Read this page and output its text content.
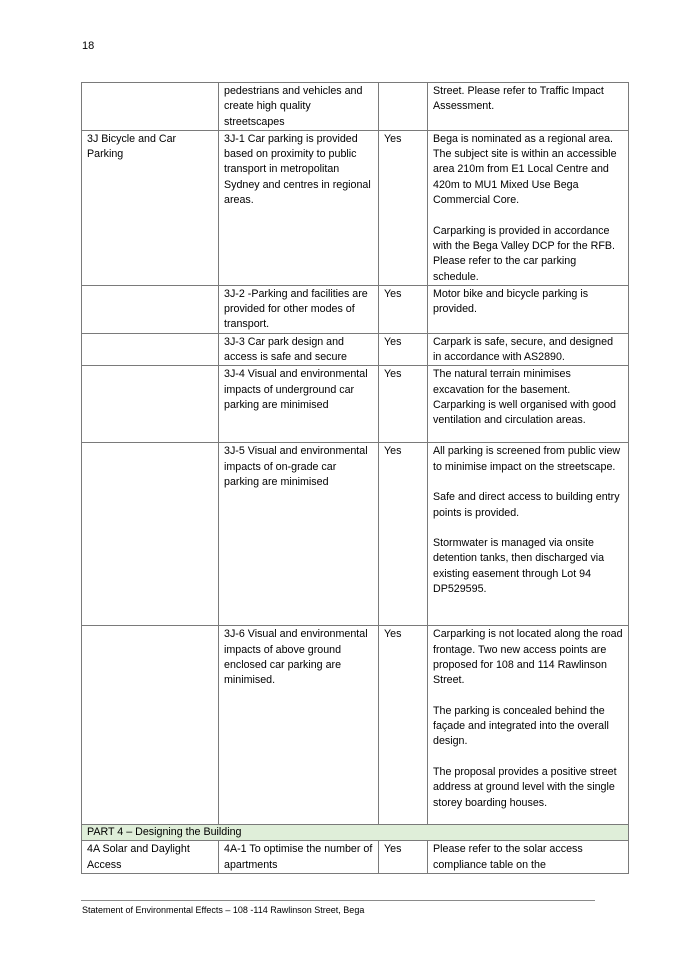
18
	pedestrians and vehicles and create high quality streetscapes		Street. Please refer to Traffic Impact Assessment.

3J Bicycle and Car Parking	3J-1 Car parking is provided based on proximity to public transport in metropolitan Sydney and centres in regional areas.	Yes	Bega is nominated as a regional area. The subject site is within an accessible area 210m from E1 Local Centre and 420m to MU1 Mixed Use Bega Commercial Core.
Carparking is provided in accordance with the Bega Valley DCP for the RFB. Please refer to the car parking schedule.

	3J-2 -Parking and facilities are provided for other modes of transport.	Yes	Motor bike and bicycle parking is provided.

	3J-3 Car park design and access is safe and secure	Yes	Carpark is safe, secure, and designed in accordance with AS2890.

	3J-4 Visual and environmental impacts of underground car parking are minimised	Yes	The natural terrain minimises excavation for the basement. Carparking is well organised with good ventilation and circulation areas.

	3J-5 Visual and environmental impacts of on-grade car parking are minimised	Yes	All parking is screened from public view to minimise impact on the streetscape.
Safe and direct access to building entry points is provided.
Stormwater is managed via onsite detention tanks, then discharged via existing easement through Lot 94 DP529595.

	3J-6 Visual and environmental impacts of above ground enclosed car parking are minimised.	Yes	Carparking is not located along the road frontage. Two new access points are proposed for 108 and 114 Rawlinson Street.
The parking is concealed behind the façade and integrated into the overall design.
The proposal provides a positive street address at ground level with the single storey boarding houses.

PART 4 – Designing the Building			
4A Solar and Daylight Access	4A-1 To optimise the number of apartments	Yes	Please refer to the solar access compliance table on the
Statement of Environmental Effects – 108 -114 Rawlinson Street, Bega
